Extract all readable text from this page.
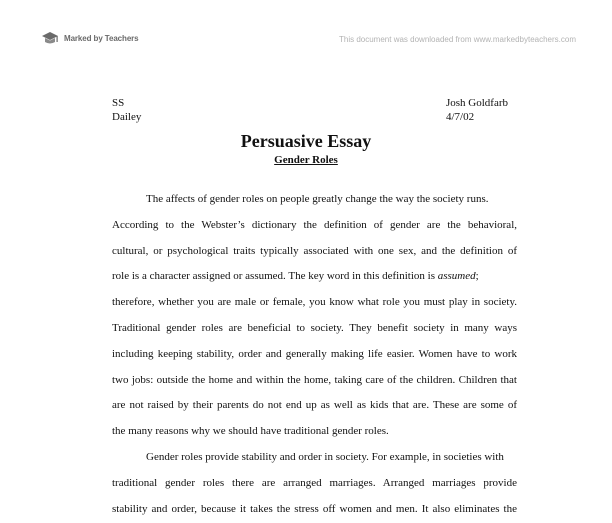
Marked by Teachers	This document was downloaded from www.markedbyteachers.com
SS
Dailey
Josh Goldfarb
4/7/02
Persuasive Essay
Gender Roles
The affects of gender roles on people greatly change the way the society runs.
According to the Webster’s dictionary the definition of gender are the behavioral,
cultural, or psychological traits typically associated with one sex, and the definition of
role is a character assigned or assumed. The key word in this definition is assumed;
therefore, whether you are male or female, you know what role you must play in society.
Traditional gender roles are beneficial to society. They benefit society in many ways
including keeping stability, order and generally making life easier. Women have to work
two jobs: outside the home and within the home, taking care of the children. Children that
are not raised by their parents do not end up as well as kids that are. These are some of
the many reasons why we should have traditional gender roles.
Gender roles provide stability and order in society. For example, in societies with
traditional gender roles there are arranged marriages. Arranged marriages provide
stability and order, because it takes the stress off women and men. It also eliminates the
